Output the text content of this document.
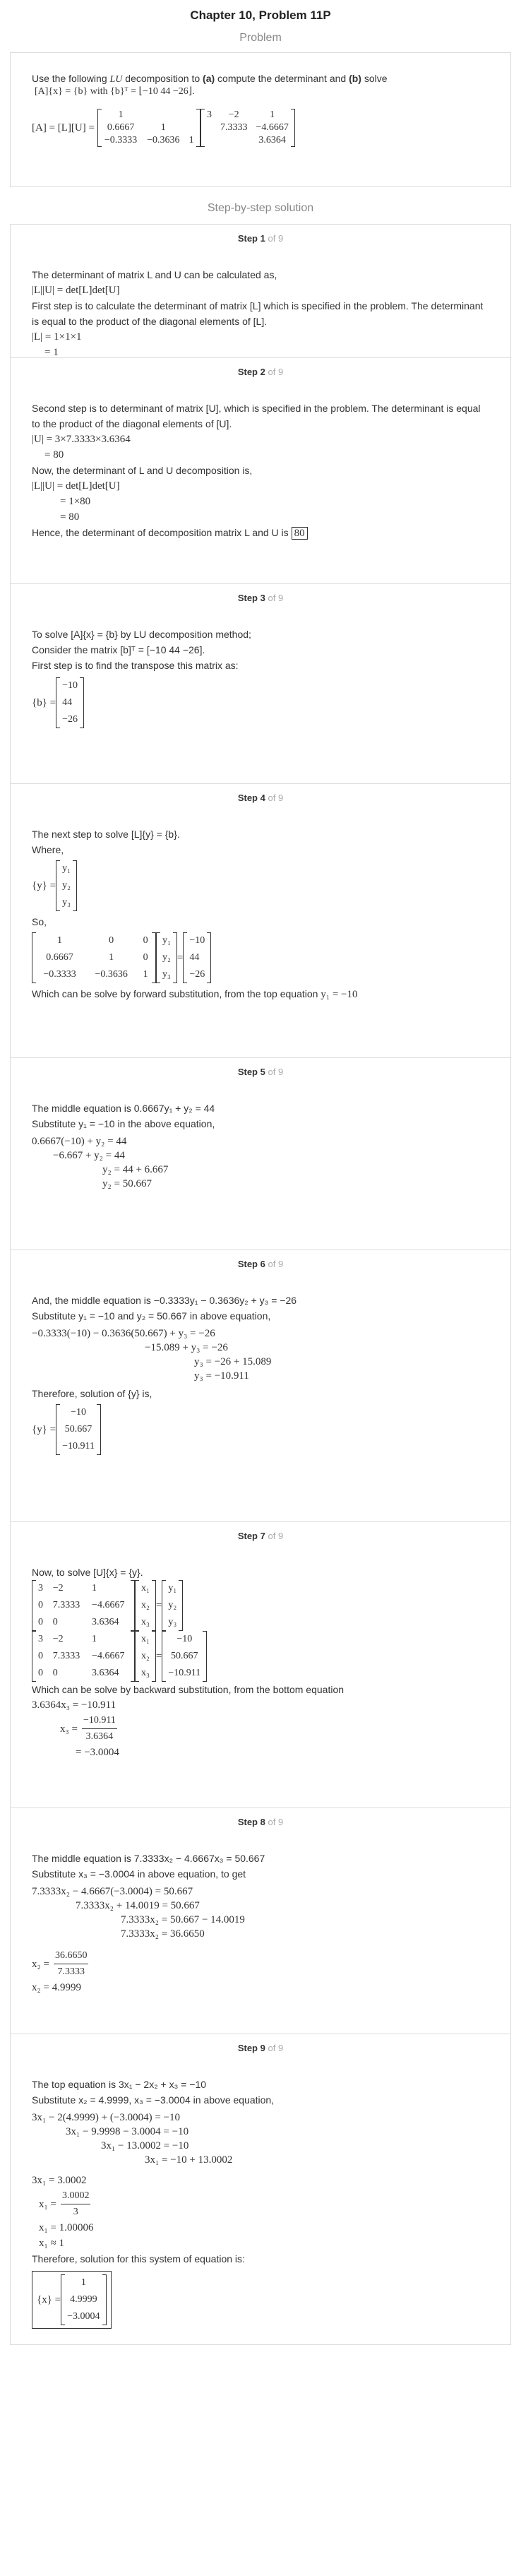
Chapter 10, Problem 11P
Problem

Use the following LU decomposition to (a) compute the determinant and (b) solve

[A]{x} = {b} with {b}ᵀ = ⌊−10 44 −26⌋.

[A] = [L][U] =
1		
0.6667	1	
−0.3333	−0.3636	1
3	−2	1
	7.3333	−4.6667
		3.6364
Step-by-step solution
Step 1 of 9
The determinant of matrix L and U can be calculated as,
|L||U| = det[L]det[U]
First step is to calculate the determinant of matrix [L] which is specified in the problem. The determinant is equal to the product of the diagonal elements of [L].
|L| = 1×1×1
= 1
Step 2 of 9
Second step is to determinant of matrix [U], which is specified in the problem. The determinant is equal to the product of the diagonal elements of [U].
|U| = 3×7.3333×3.6364
= 80
Now, the determinant of L and U decomposition is,
|L||U| = det[L]det[U]
= 1×80
= 80
Hence, the determinant of decomposition matrix L and U is 80
Step 3 of 9
To solve [A]{x} = {b} by LU decomposition method;
Consider the matrix [b]ᵀ = [−10 44 −26].
First step is to find the transpose this matrix as:
{b} =
−10
44
−26
Step 4 of 9
The next step to solve [L]{y} = {b}.
Where,
{y} =
y₁
y₂
y₃
So,
1	0	0
0.6667	1	0
−0.3333	−0.3636	1
y₁
y₂
y₃
=
−10
44
−26
Which can be solve by forward substitution, from the top equation y₁ = −10
Step 5 of 9
The middle equation is 0.6667y₁ + y₂ = 44
Substitute y₁ = −10 in the above equation,
0.6667(−10) + y₂ = 44
−6.667 + y₂ = 44
y₂ = 44 + 6.667
y₂ = 50.667
Step 6 of 9
And, the middle equation is −0.3333y₁ − 0.3636y₂ + y₃ = −26
Substitute y₁ = −10 and y₂ = 50.667 in above equation,
−0.3333(−10) − 0.3636(50.667) + y₃ = −26
−15.089 + y₃ = −26
y₃ = −26 + 15.089
y₃ = −10.911
Therefore, solution of {y} is,
{y} =
−10
50.667
−10.911
Step 7 of 9
Now, to solve [U]{x} = {y}.
3	−2	1
0	7.3333	−4.6667
0	0	3.6364
x₁
x₂
x₃
=
y₁
y₂
y₃
3	−2	1
0	7.3333	−4.6667
0	0	3.6364
x₁
x₂
x₃
=
−10
50.667
−10.911
Which can be solve by backward substitution, from the bottom equation
3.6364x₃ = −10.911
$x_3 = \frac{-10.911}{3.6364}$
= −3.0004
Step 8 of 9
The middle equation is 7.3333x₂ − 4.6667x₃ = 50.667
Substitute x₃ = −3.0004 in above equation, to get
7.3333x₂ − 4.6667(−3.0004) = 50.667
7.3333x₂ + 14.0019 = 50.667
7.3333x₂ = 50.667 − 14.0019
7.3333x₂ = 36.6650
$x_2 = \frac{36.6650}{7.3333}$
x₂ = 4.9999
Step 9 of 9
The top equation is 3x₁ − 2x₂ + x₃ = −10
Substitute x₂ = 4.9999, x₃ = −3.0004 in above equation,
3x₁ − 2(4.9999) + (−3.0004) = −10
3x₁ − 9.9998 − 3.0004 = −10
3x₁ − 13.0002 = −10
3x₁ = −10 + 13.0002
3x₁ = 3.0002
$x_1 = \frac{3.0002}{3}$
x₁ = 1.00006
x₁ ≈ 1
Therefore, solution for this system of equation is:
{x} =
1
4.9999
−3.0004
